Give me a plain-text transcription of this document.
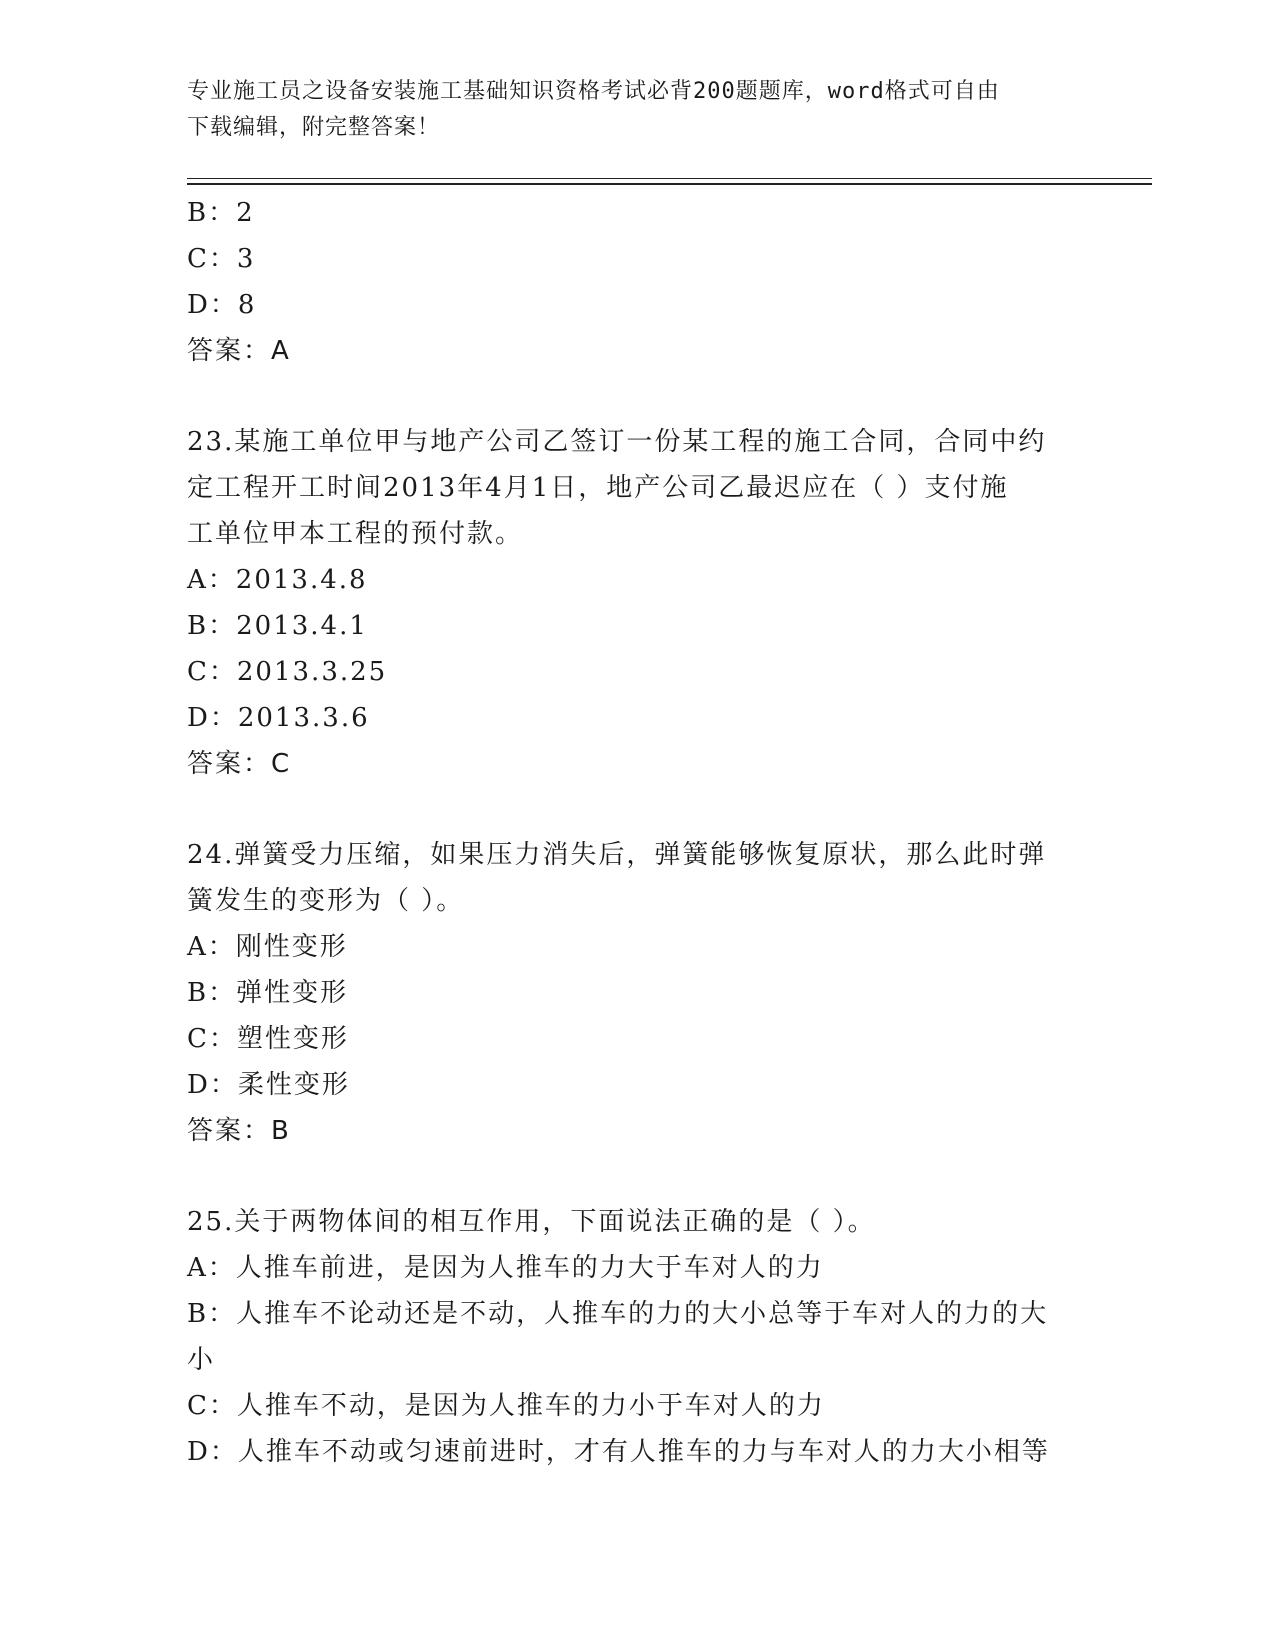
专业施工员之设备安装施工基础知识资格考试必背200题题库，word格式可自由
下载编辑，附完整答案！
B：2
C：3
D：8
答案：A
23.某施工单位甲与地产公司乙签订一份某工程的施工合同，合同中约
定工程开工时间2013年4月1日，地产公司乙最迟应在（ ）支付施
工单位甲本工程的预付款。
A：2013.4.8
B：2013.4.1
C：2013.3.25
D：2013.3.6
答案：C
24.弹簧受力压缩，如果压力消失后，弹簧能够恢复原状，那么此时弹
簧发生的变形为（ ）。
A：刚性变形
B：弹性变形
C：塑性变形
D：柔性变形
答案：B
25.关于两物体间的相互作用，下面说法正确的是（ ）。
A：人推车前进，是因为人推车的力大于车对人的力
B：人推车不论动还是不动，人推车的力的大小总等于车对人的力的大
小
C：人推车不动，是因为人推车的力小于车对人的力
D：人推车不动或匀速前进时，才有人推车的力与车对人的力大小相等
